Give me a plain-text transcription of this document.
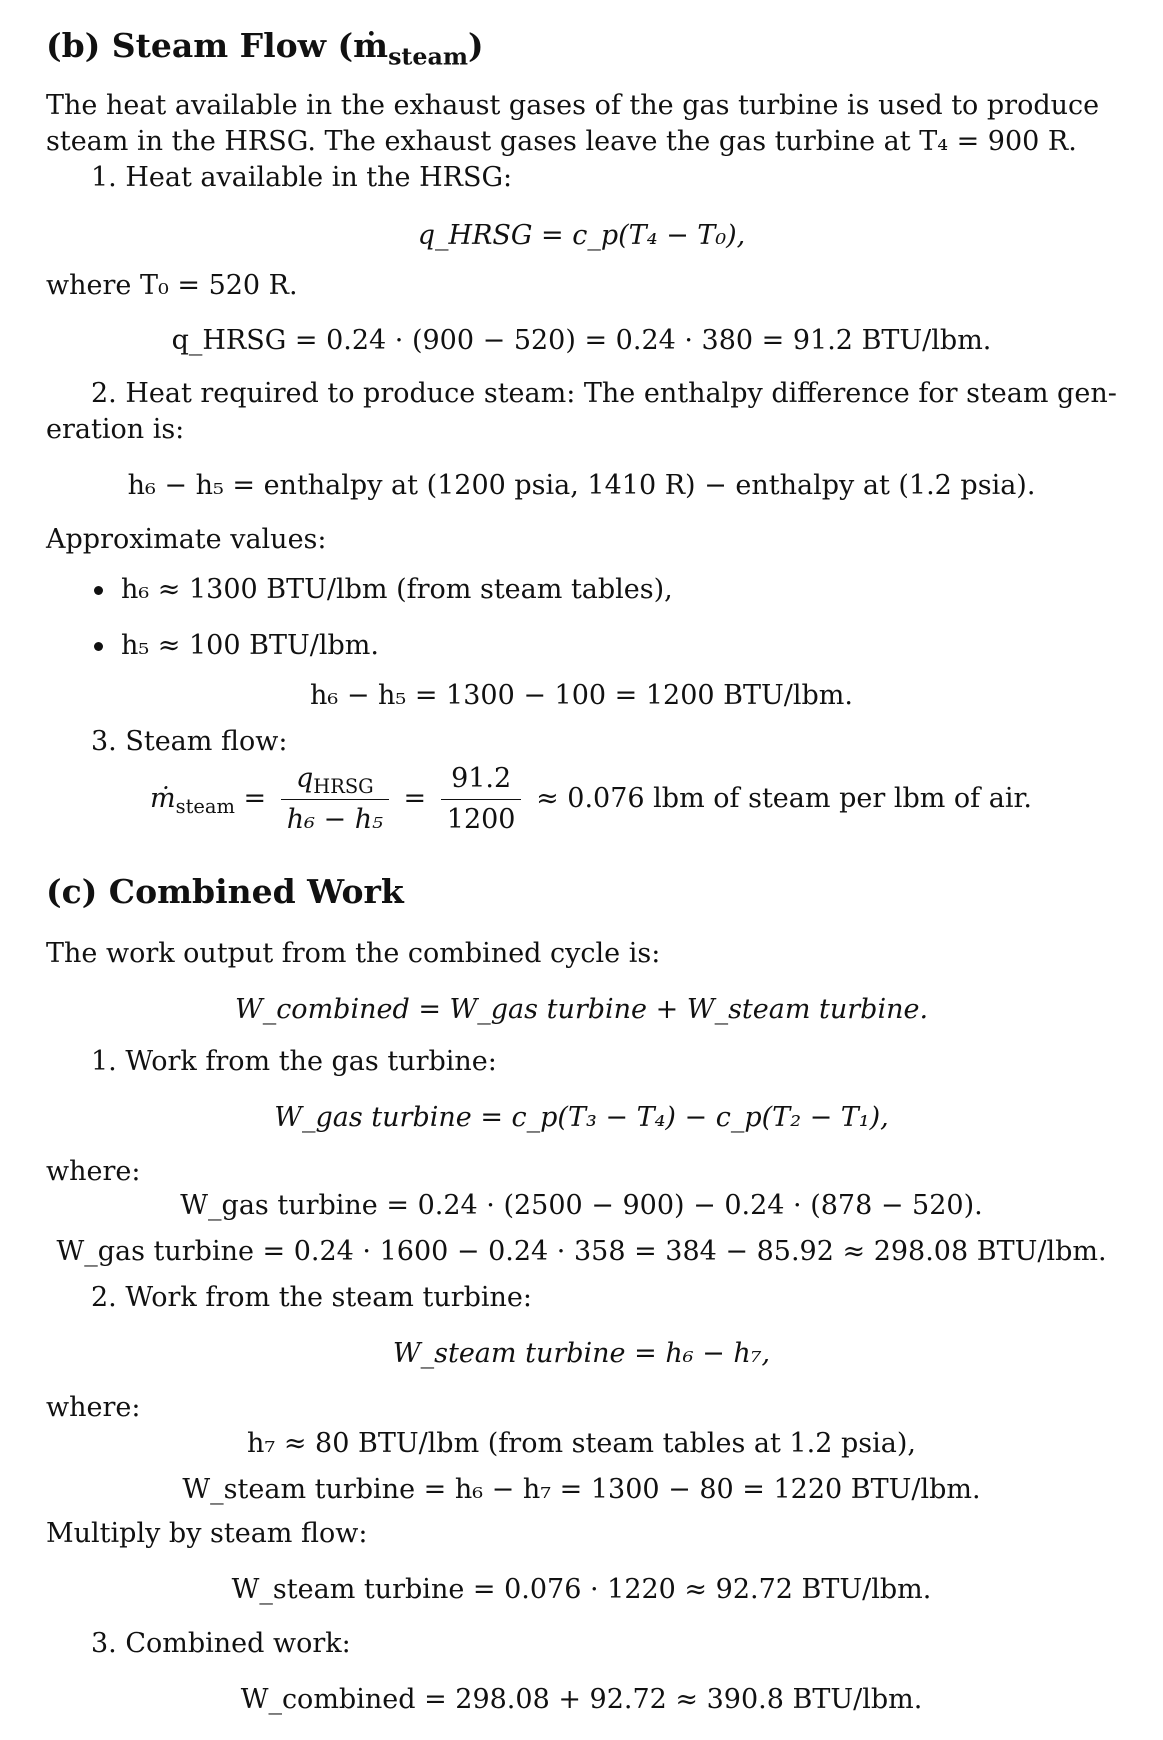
(b) Steam Flow (ṁ$_{steam}$)
The heat available in the exhaust gases of the gas turbine is used to produce
steam in the HRSG. The exhaust gases leave the gas turbine at T₄ = 900 R.
1. Heat available in the HRSG:
q_HRSG = c_p(T₄ − T₀),
where T₀ = 520 R.
q_HRSG = 0.24 · (900 − 520) = 0.24 · 380 = 91.2 BTU/lbm.
2. Heat required to produce steam: The enthalpy difference for steam gen-
eration is:
h₆ − h₅ = enthalpy at (1200 psia, 1410 R) − enthalpy at (1.2 psia).
Approximate values:
h₆ ≈ 1300 BTU/lbm (from steam tables),
h₅ ≈ 100 BTU/lbm.
h₆ − h₅ = 1300 − 100 = 1200 BTU/lbm.
3. Steam flow:
ṁ$_{steam}$ = $\frac{q_{HRSG}}{\text{h₆ − h₅}} = \frac{91.2}{1200} \approx 0.076$ lbm of steam per lbm of air.
(c) Combined Work
The work output from the combined cycle is:
W_combined = W_gas turbine + W_steam turbine.
1. Work from the gas turbine:
W_gas turbine = c_p(T₃ − T₄) − c_p(T₂ − T₁),
where:
W_gas turbine = 0.24 · (2500 − 900) − 0.24 · (878 − 520).
W_gas turbine = 0.24 · 1600 − 0.24 · 358 = 384 − 85.92 ≈ 298.08 BTU/lbm.
2. Work from the steam turbine:
W_steam turbine = h₆ − h₇,
where:
h₇ ≈ 80 BTU/lbm (from steam tables at 1.2 psia),
W_steam turbine = h₆ − h₇ = 1300 − 80 = 1220 BTU/lbm.
Multiply by steam flow:
W_steam turbine = 0.076 · 1220 ≈ 92.72 BTU/lbm.
3. Combined work:
W_combined = 298.08 + 92.72 ≈ 390.8 BTU/lbm.
